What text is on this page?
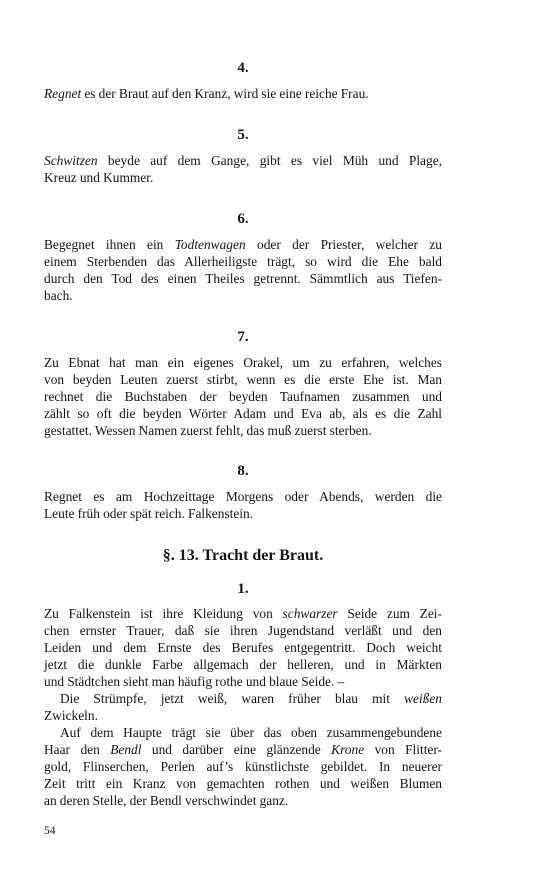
4.
Regnet es der Braut auf den Kranz, wird sie eine reiche Frau.
5.
Schwitzen beyde auf dem Gange, gibt es viel Müh und Plage,
Kreuz und Kummer.
6.
Begegnet ihnen ein Todtenwagen oder der Priester, welcher zu
einem Sterbenden das Allerheiligste trägt, so wird die Ehe bald
durch den Tod des einen Theiles getrennt. Sämmtlich aus Tiefen-
bach.
7.
Zu Ebnat hat man ein eigenes Orakel, um zu erfahren, welches
von beyden Leuten zuerst stirbt, wenn es die erste Ehe ist. Man
rechnet die Buchstaben der beyden Taufnamen zusammen und
zählt so oft die beyden Wörter Adam und Eva ab, als es die Zahl
gestattet. Wessen Namen zuerst fehlt, das muß zuerst sterben.
8.
Regnet es am Hochzeittage Morgens oder Abends, werden die
Leute früh oder spät reich. Falkenstein.
§. 13. Tracht der Braut.
1.
Zu Falkenstein ist ihre Kleidung von schwarzer Seide zum Zei-
chen ernster Trauer, daß sie ihren Jugendstand verläßt und den
Leiden und dem Ernste des Berufes entgegentritt. Doch weicht
jetzt die dunkle Farbe allgemach der helleren, und in Märkten
und Städtchen sieht man häufig rothe und blaue Seide. –
Die Strümpfe, jetzt weiß, waren früher blau mit weißen
Zwickeln.
Auf dem Haupte trägt sie über das oben zusammengebundene
Haar den Bendl und darüber eine glänzende Krone von Flitter-
gold, Flinserchen, Perlen auf’s künstlichste gebildet. In neuerer
Zeit tritt ein Kranz von gemachten rothen und weißen Blumen
an deren Stelle, der Bendl verschwindet ganz.
54
